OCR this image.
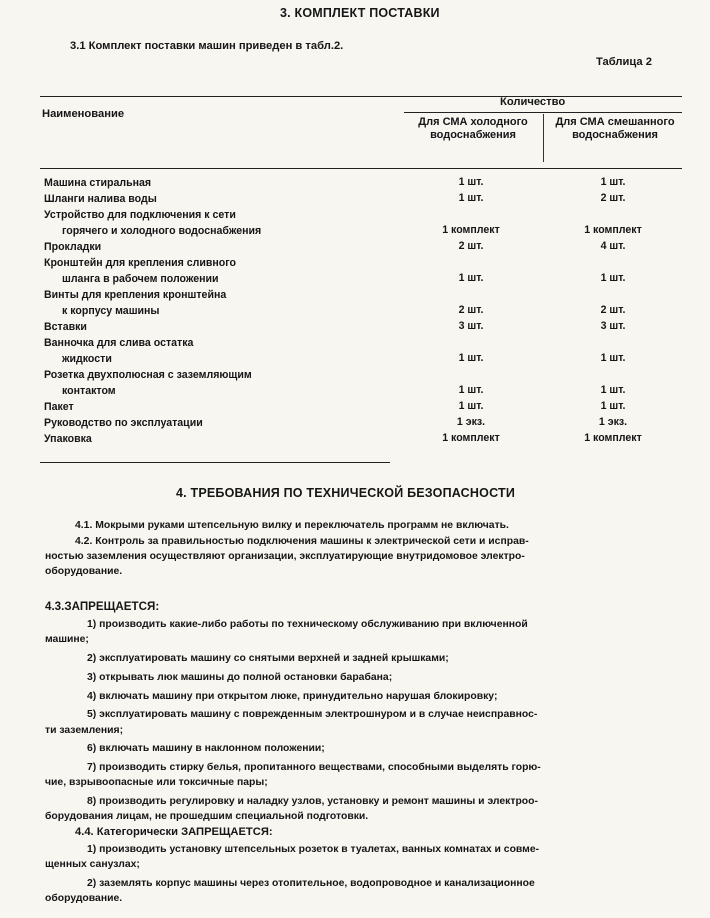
3. КОМПЛЕКТ ПОСТАВКИ
3.1 Комплект поставки машин приведен в табл.2.
Таблица 2
Наименование
Количество
Для СМА холодного водоснабжения
Для СМА смешанного водоснабжения
Машина стиральная	1 шт.	1 шт.
Шланги налива воды	1 шт.	2 шт.
Устройство для подключения к сети
горячего и холодного водоснабжения	1 комплект	1 комплект
Прокладки	2 шт.	4 шт.
Кронштейн для крепления сливного
шланга в рабочем положении	1 шт.	1 шт.
Винты для крепления кронштейна
к корпусу машины	2 шт.	2 шт.
Вставки	3 шт.	3 шт.
Ванночка для слива остатка
жидкости	1 шт.	1 шт.
Розетка двухполюсная с заземляющим
контактом	1 шт.	1 шт.
Пакет	1 шт.	1 шт.
Руководство по эксплуатации	1 экз.	1 экз.
Упаковка	1 комплект	1 комплект
4. ТРЕБОВАНИЯ ПО ТЕХНИЧЕСКОЙ БЕЗОПАСНОСТИ
4.1. Мокрыми руками штепсельную вилку и переключатель программ не включать.
4.2. Контроль за правильностью подключения машины к электрической сети и исправ-
ностью заземления осуществляют организации, эксплуатирующие внутридомовое электро-
оборудование.
4.3.ЗАПРЕЩАЕТСЯ:
1) производить какие-либо работы по техническому обслуживанию при включенной
машине;
2) эксплуатировать машину со снятыми верхней и задней крышками;
3) открывать люк машины до полной остановки барабана;
4) включать машину при открытом люке, принудительно нарушая блокировку;
5) эксплуатировать машину с поврежденным электрошнуром и в случае неисправнос-
ти заземления;
6) включать машину в наклонном положении;
7) производить стирку белья, пропитанного веществами, способными выделять горю-
чие, взрывоопасные или токсичные пары;
8) производить регулировку и наладку узлов, установку и ремонт машины и электроо-
борудования лицам, не прошедшим специальной подготовки.
4.4. Категорически ЗАПРЕЩАЕТСЯ:
1) производить установку штепсельных розеток в туалетах, ванных комнатах и совме-
щенных санузлах;
2) заземлять корпус машины через отопительное, водопроводное и канализационное
оборудование.
